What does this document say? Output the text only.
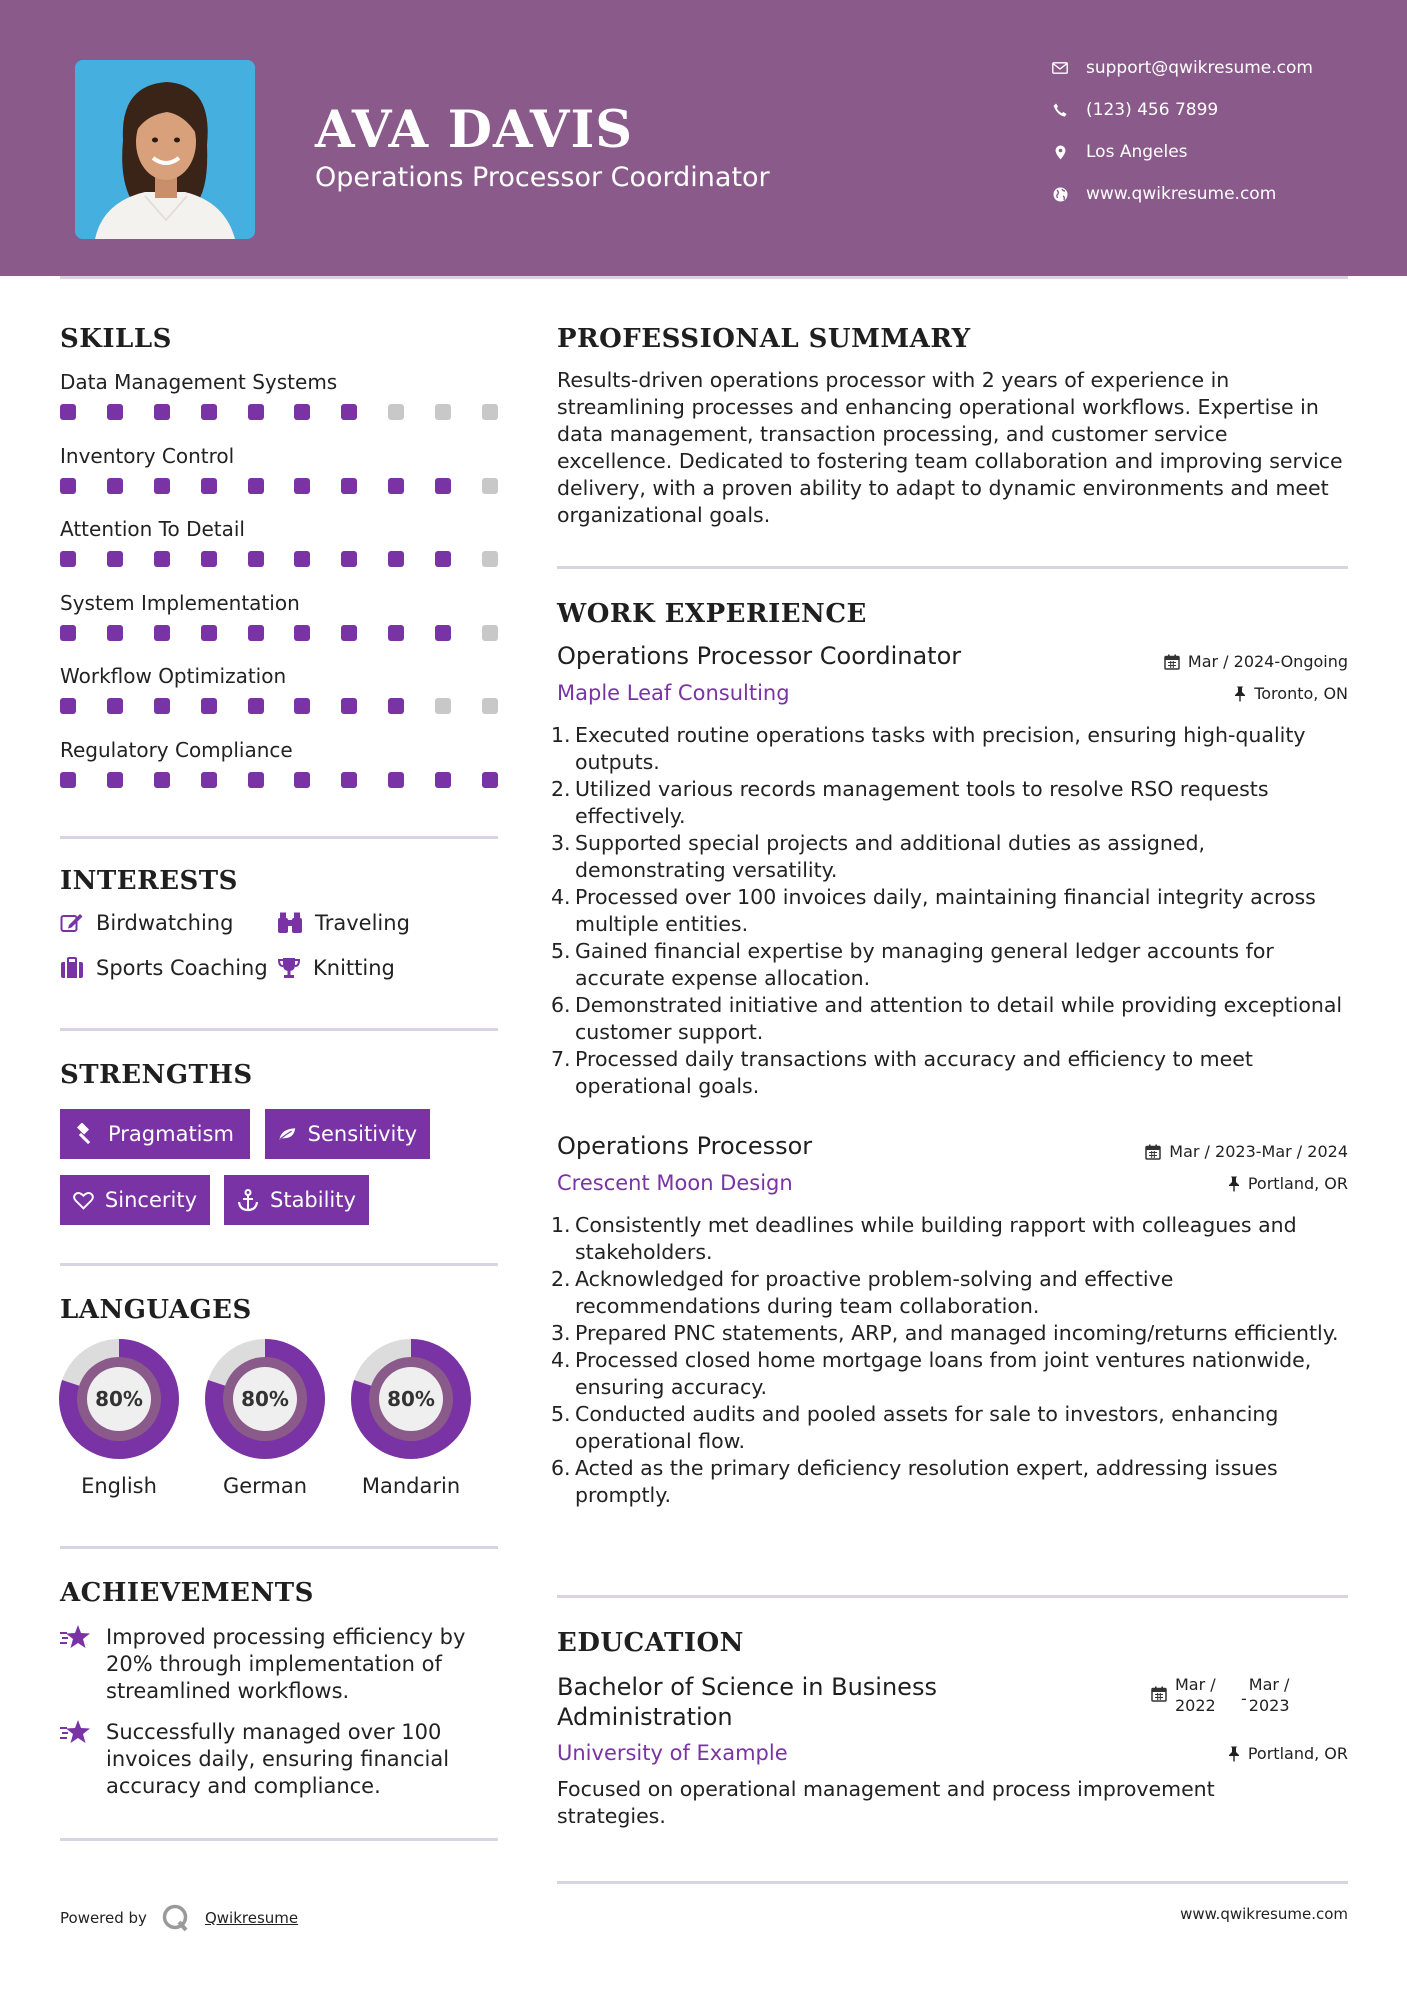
AVA DAVIS
Operations Processor Coordinator
support@qwikresume.com
(123) 456 7899
Los Angeles
www.qwikresume.com
SKILLS
Data Management Systems
Inventory Control
Attention To Detail
System Implementation
Workflow Optimization
Regulatory Compliance
INTERESTS
Birdwatching	Traveling
Sports Coaching Knitting
STRENGTHS
Pragmatism	Sensitivity
Sincerity	Stability
LANGUAGES
80%
English
80%
German
80%
Mandarin
ACHIEVEMENTS
Improved processing efficiency by 20% through implementation of streamlined workflows.
Successfully managed over 100 invoices daily, ensuring financial accuracy and compliance.
PROFESSIONAL SUMMARY
Results-driven operations processor with 2 years of experience in streamlining processes and enhancing operational workflows. Expertise in data management, transaction processing, and customer service excellence. Dedicated to fostering team collaboration and improving service delivery, with a proven ability to adapt to dynamic environments and meet organizational goals.
WORK EXPERIENCE
Operations Processor Coordinator	Mar / 2024-Ongoing
Maple Leaf Consulting	Toronto, ON
1. Executed routine operations tasks with precision, ensuring high-quality outputs.
2. Utilized various records management tools to resolve RSO requests effectively.
3. Supported special projects and additional duties as assigned, demonstrating versatility.
4. Processed over 100 invoices daily, maintaining financial integrity across multiple entities.
5. Gained financial expertise by managing general ledger accounts for accurate expense allocation.
6. Demonstrated initiative and attention to detail while providing exceptional customer support.
7. Processed daily transactions with accuracy and efficiency to meet operational goals.
Operations Processor	Mar / 2023-Mar / 2024
Crescent Moon Design	Portland, OR
1. Consistently met deadlines while building rapport with colleagues and stakeholders.
2. Acknowledged for proactive problem-solving and effective recommendations during team collaboration.
3. Prepared PNC statements, ARP, and managed incoming/returns efficiently.
4. Processed closed home mortgage loans from joint ventures nationwide, ensuring accuracy.
5. Conducted audits and pooled assets for sale to investors, enhancing operational flow.
6. Acted as the primary deficiency resolution expert, addressing issues promptly.
EDUCATION
Bachelor of Science in Business Administration
Mar /
2022	-
Mar /
2023
University of Example	Portland, OR
Focused on operational management and process improvement strategies.
Powered by	Qwikresume	www.qwikresume.com
